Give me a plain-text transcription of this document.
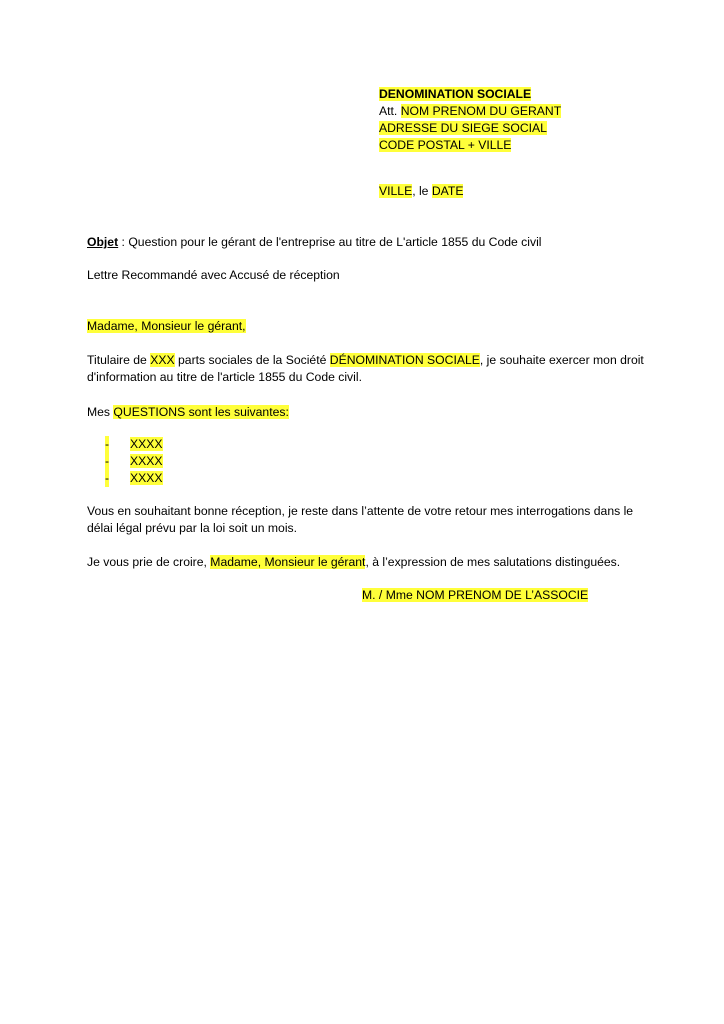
DENOMINATION SOCIALE
Att. NOM PRENOM DU GERANT
ADRESSE DU SIEGE SOCIAL
CODE POSTAL + VILLE
VILLE, le DATE
Objet : Question pour le gérant de l'entreprise au titre de L'article 1855 du Code civil
Lettre Recommandé avec Accusé de réception
Madame, Monsieur le gérant,

Titulaire de XXX parts sociales de la Société DÉNOMINATION SOCIALE, je souhaite exercer mon droit d'information au titre de l'article 1855 du Code civil.

Mes QUESTIONS sont les suivantes:
- XXXX
- XXXX
- XXXX

Vous en souhaitant bonne réception, je reste dans l’attente de votre retour mes interrogations dans le délai légal prévu par la loi soit un mois.

Je vous prie de croire, Madame, Monsieur le gérant, à l’expression de mes salutations distinguées.
M. / Mme NOM PRENOM DE L’ASSOCIE
